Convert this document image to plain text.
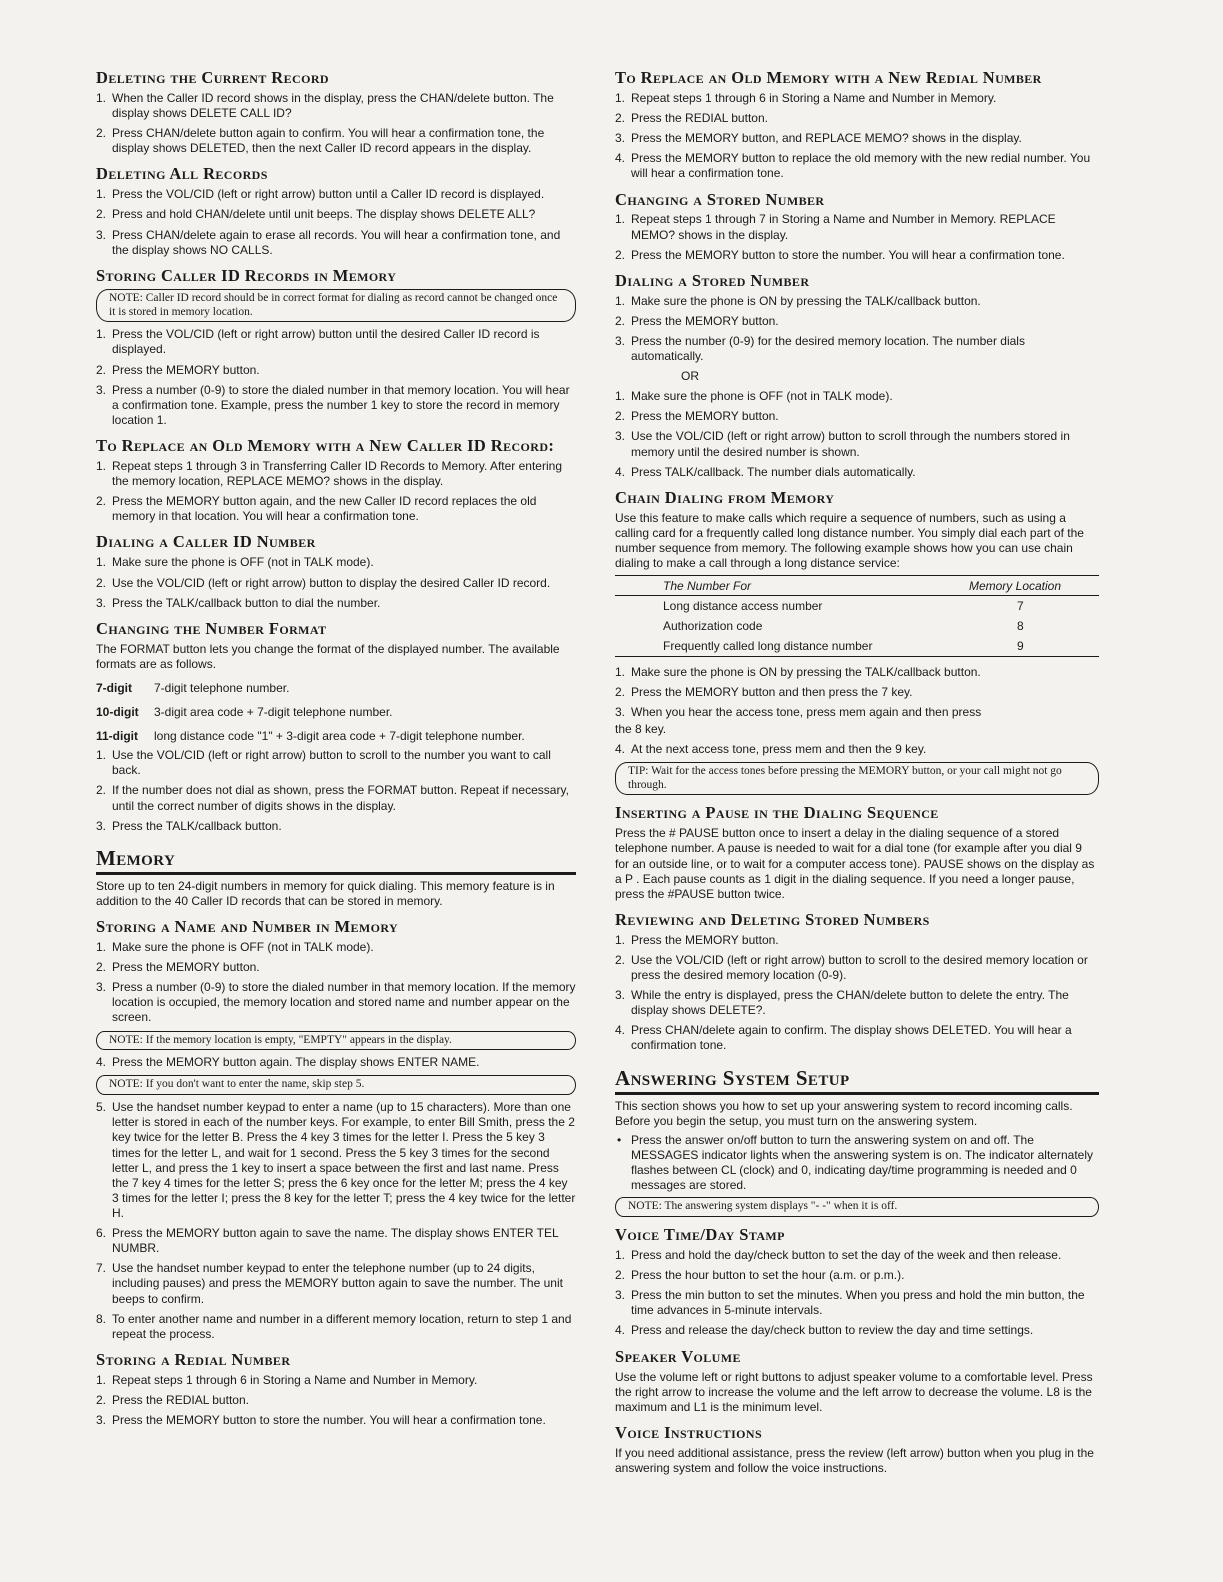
Deleting the Current Record
1. When the Caller ID record shows in the display, press the CHAN/delete button. The display shows DELETE CALL ID?
2. Press CHAN/delete button again to confirm. You will hear a confirmation tone, the display shows DELETED, then the next Caller ID record appears in the display.
Deleting All Records
1. Press the VOL/CID (left or right arrow) button until a Caller ID record is displayed.
2. Press and hold CHAN/delete until unit beeps. The display shows DELETE ALL?
3. Press CHAN/delete again to erase all records. You will hear a confirmation tone, and the display shows NO CALLS.
Storing Caller ID Records in Memory
NOTE: Caller ID record should be in correct format for dialing as record cannot be changed once it is stored in memory location.
1. Press the VOL/CID (left or right arrow) button until the desired Caller ID record is displayed.
2. Press the MEMORY button.
3. Press a number (0-9) to store the dialed number in that memory location. You will hear a confirmation tone. Example, press the number 1 key to store the record in memory location 1.
To Replace an Old Memory with a New Caller ID Record:
1. Repeat steps 1 through 3 in Transferring Caller ID Records to Memory. After entering the memory location, REPLACE MEMO? shows in the display.
2. Press the MEMORY button again, and the new Caller ID record replaces the old memory in that location. You will hear a confirmation tone.
Dialing a Caller ID Number
1. Make sure the phone is OFF (not in TALK mode).
2. Use the VOL/CID (left or right arrow) button to display the desired Caller ID record.
3. Press the TALK/callback button to dial the number.
Changing the Number Format

The FORMAT button lets you change the format of the displayed number. The available formats are as follows.

7-digit	7-digit telephone number.
10-digit	3-digit area code + 7-digit telephone number.
11-digit	long distance code "1" + 3-digit area code + 7-digit telephone number.
1. Use the VOL/CID (left or right arrow) button to scroll to the number you want to call back.
2. If the number does not dial as shown, press the FORMAT button. Repeat if necessary, until the correct number of digits shows in the display.
3. Press the TALK/callback button.
Memory

Store up to ten 24-digit numbers in memory for quick dialing. This memory feature is in addition to the 40 Caller ID records that can be stored in memory.

Storing a Name and Number in Memory
1. Make sure the phone is OFF (not in TALK mode).
2. Press the MEMORY button.
3. Press a number (0-9) to store the dialed number in that memory location. If the memory location is occupied, the memory location and stored name and number appear on the screen.
NOTE: If the memory location is empty, "EMPTY" appears in the display.
4. Press the MEMORY button again. The display shows ENTER NAME.
NOTE: If you don't want to enter the name, skip step 5.
5. Use the handset number keypad to enter a name (up to 15 characters). More than one letter is stored in each of the number keys. For example, to enter Bill Smith, press the 2 key twice for the letter B. Press the 4 key 3 times for the letter I. Press the 5 key 3 times for the letter L, and wait for 1 second. Press the 5 key 3 times for the second letter L, and press the 1 key to insert a space between the first and last name. Press the 7 key 4 times for the letter S; press the 6 key once for the letter M; press the 4 key 3 times for the letter I; press the 8 key for the letter T; press the 4 key twice for the letter H.
6. Press the MEMORY button again to save the name. The display shows ENTER TEL NUMBR.
7. Use the handset number keypad to enter the telephone number (up to 24 digits, including pauses) and press the MEMORY button again to save the number. The unit beeps to confirm.
8. To enter another name and number in a different memory location, return to step 1 and repeat the process.
Storing a Redial Number
1. Repeat steps 1 through 6 in Storing a Name and Number in Memory.
2. Press the REDIAL button.
3. Press the MEMORY button to store the number. You will hear a confirmation tone.
To Replace an Old Memory with a New Redial Number
1. Repeat steps 1 through 6 in Storing a Name and Number in Memory.
2. Press the REDIAL button.
3. Press the MEMORY button, and REPLACE MEMO? shows in the display.
4. Press the MEMORY button to replace the old memory with the new redial number. You will hear a confirmation tone.
Changing a Stored Number
1. Repeat steps 1 through 7 in Storing a Name and Number in Memory. REPLACE MEMO? shows in the display.
2. Press the MEMORY button to store the number. You will hear a confirmation tone.
Dialing a Stored Number
1. Make sure the phone is ON by pressing the TALK/callback button.
2. Press the MEMORY button.
3. Press the number (0-9) for the desired memory location. The number dials automatically.
OR
1. Make sure the phone is OFF (not in TALK mode).
2. Press the MEMORY button.
3. Use the VOL/CID (left or right arrow) button to scroll through the numbers stored in memory until the desired number is shown.
4. Press TALK/callback. The number dials automatically.
Chain Dialing from Memory

Use this feature to make calls which require a sequence of numbers, such as using a calling card for a frequently called long distance number. You simply dial each part of the number sequence from memory. The following example shows how you can use chain dialing to make a call through a long distance service:

The Number For	Memory Location
Long distance access number	7
Authorization code	8
Frequently called long distance number	9
1. Make sure the phone is ON by pressing the TALK/callback button.
2. Press the MEMORY button and then press the 7 key.
3. When you hear the access tone, press mem again and then press
the 8 key.
4. At the next access tone, press mem and then the 9 key.
TIP: Wait for the access tones before pressing the MEMORY button, or your call might not go through.
Inserting a Pause in the Dialing Sequence

Press the # PAUSE button once to insert a delay in the dialing sequence of a stored telephone number. A pause is needed to wait for a dial tone (for example after you dial 9 for an outside line, or to wait for a computer access tone). PAUSE shows on the display as a P . Each pause counts as 1 digit in the dialing sequence. If you need a longer pause, press the #PAUSE button twice.

Reviewing and Deleting Stored Numbers
1. Press the MEMORY button.
2. Use the VOL/CID (left or right arrow) button to scroll to the desired memory location or press the desired memory location (0-9).
3. While the entry is displayed, press the CHAN/delete button to delete the entry. The display shows DELETE?.
4. Press CHAN/delete again to confirm. The display shows DELETED. You will hear a confirmation tone.
Answering System Setup

This section shows you how to set up your answering system to record incoming calls. Before you begin the setup, you must turn on the answering system.

• Press the answer on/off button to turn the answering system on and off. The MESSAGES indicator lights when the answering system is on. The indicator alternately flashes between CL (clock) and 0, indicating day/time programming is needed and 0 messages are stored.
NOTE: The answering system displays "- -" when it is off.
Voice Time/Day Stamp
1. Press and hold the day/check button to set the day of the week and then release.
2. Press the hour button to set the hour (a.m. or p.m.).
3. Press the min button to set the minutes. When you press and hold the min button, the time advances in 5-minute intervals.
4. Press and release the day/check button to review the day and time settings.
Speaker Volume

Use the volume left or right buttons to adjust speaker volume to a comfortable level. Press the right arrow to increase the volume and the left arrow to decrease the volume. L8 is the maximum and L1 is the minimum level.

Voice Instructions

If you need additional assistance, press the review (left arrow) button when you plug in the answering system and follow the voice instructions.
